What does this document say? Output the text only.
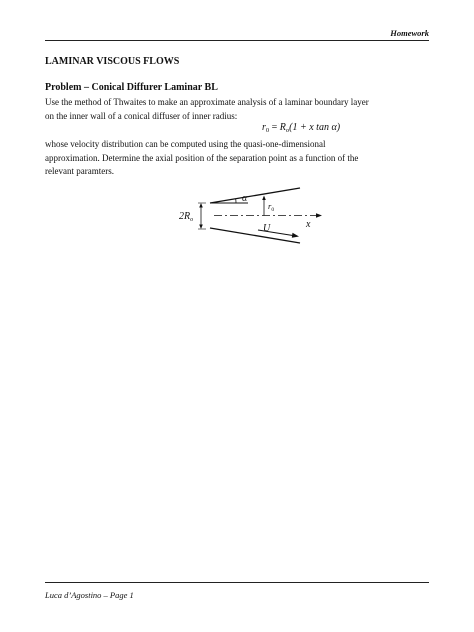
Homework
LAMINAR VISCOUS FLOWS
Problem – Conical Diffurer Laminar BL
Use the method of Thwaites to make an approximate analysis of a laminar boundary layer
on the inner wall of a conical diffuser of inner radius:
$r_0 = R_o(1 + x$ tan α)
whose velocity distribution can be computed using the quasi-one-dimensional
approximation. Determine the axial position of the separation point as a function of the
relevant paramters.
$2R_o$
α
$r_0$
U	x
Luca d’Agostino – Page 1
